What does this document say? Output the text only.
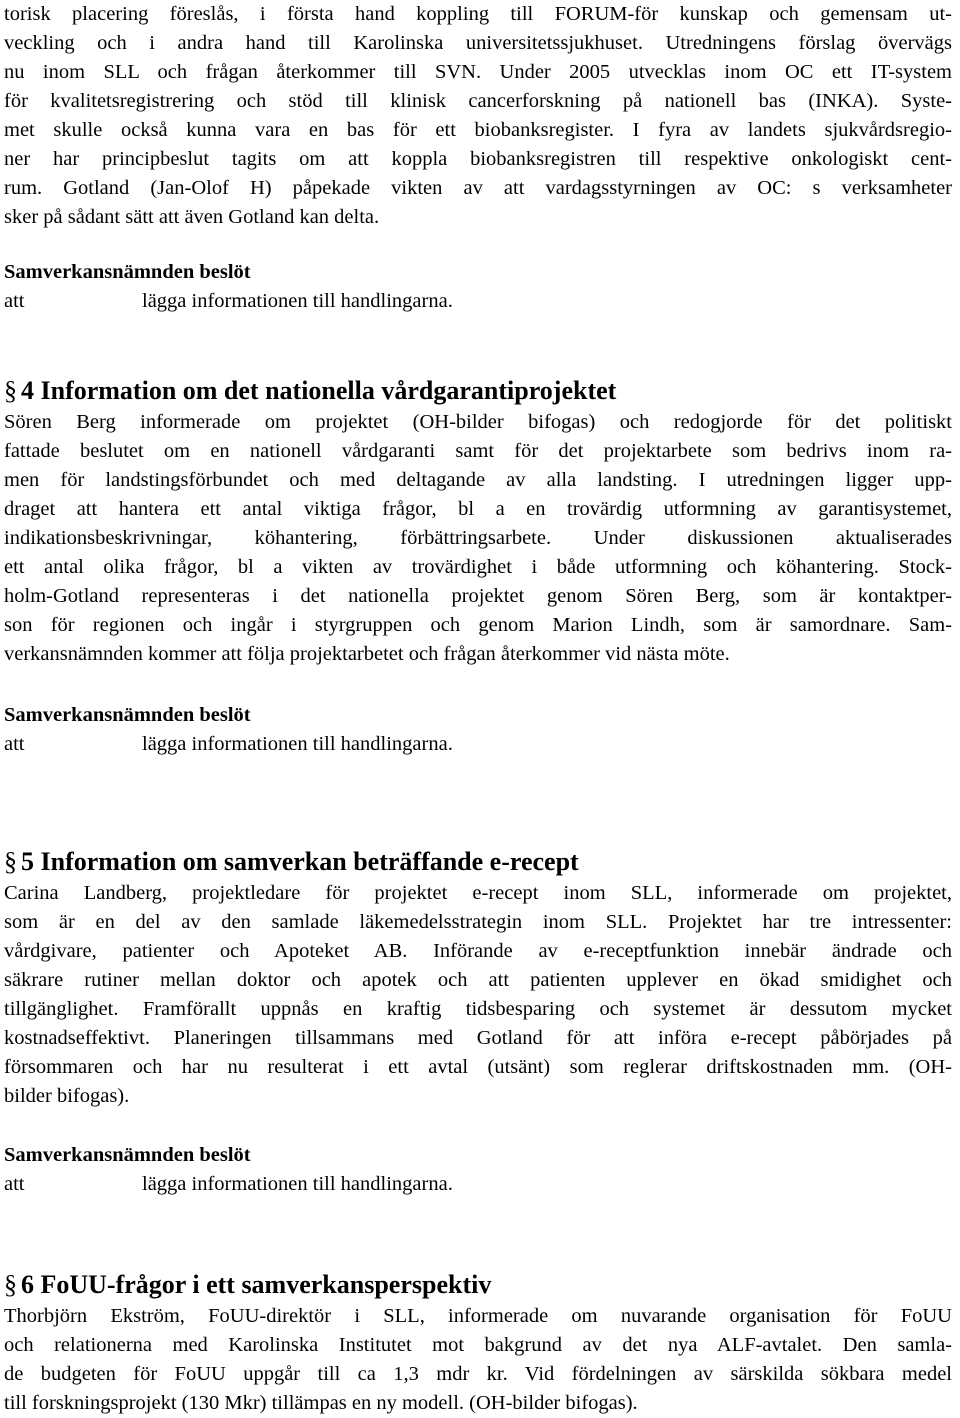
torisk placering föreslås, i första hand koppling till FORUM-för kunskap och gemensam ut-
veckling och i andra hand till Karolinska universitetssjukhuset. Utredningens förslag övervägs
nu inom SLL och frågan återkommer till SVN. Under 2005 utvecklas inom OC ett IT-system
för kvalitetsregistrering och stöd till klinisk cancerforskning på nationell bas (INKA). Syste-
met skulle också kunna vara en bas för ett biobanksregister. I fyra av landets sjukvårdsregio-
ner har principbeslut tagits om att koppla biobanksregistren till respektive onkologiskt cent-
rum. Gotland (Jan-Olof H) påpekade vikten av att vardagsstyrningen av OC: s verksamheter
sker på sådant sätt att även Gotland kan delta.
Samverkansnämnden beslöt
att	lägga informationen till handlingarna.
§ 4 Information om det nationella vårdgarantiprojektet
Sören Berg informerade om projektet (OH-bilder bifogas) och redogjorde för det politiskt
fattade beslutet om en nationell vårdgaranti samt för det projektarbete som bedrivs inom ra-
men för landstingsförbundet och med deltagande av alla landsting. I utredningen ligger upp-
draget att hantera ett antal viktiga frågor, bl a en trovärdig utformning av garantisystemet,
indikationsbeskrivningar, köhantering, förbättringsarbete. Under diskussionen aktualiserades
ett antal olika frågor, bl a vikten av trovärdighet i både utformning och köhantering. Stock-
holm-Gotland representeras i det nationella projektet genom Sören Berg, som är kontaktper-
son för regionen och ingår i styrgruppen och genom Marion Lindh, som är samordnare. Sam-
verkansnämnden kommer att följa projektarbetet och frågan återkommer vid nästa möte.
Samverkansnämnden beslöt
att	lägga informationen till handlingarna.
§ 5 Information om samverkan beträffande e-recept
Carina Landberg, projektledare för projektet e-recept inom SLL, informerade om projektet,
som är en del av den samlade läkemedelsstrategin inom SLL. Projektet har tre intressenter:
vårdgivare, patienter och Apoteket AB. Införande av e-receptfunktion innebär ändrade och
säkrare rutiner mellan doktor och apotek och att patienten upplever en ökad smidighet och
tillgänglighet. Framförallt uppnås en kraftig tidsbesparing och systemet är dessutom mycket
kostnadseffektivt. Planeringen tillsammans med Gotland för att införa e-recept påbörjades på
försommaren och har nu resulterat i ett avtal (utsänt) som reglerar driftskostnaden mm. (OH-
bilder bifogas).
Samverkansnämnden beslöt
att	lägga informationen till handlingarna.
§ 6 FoUU-frågor i ett samverkansperspektiv
Thorbjörn Ekström, FoUU-direktör i SLL, informerade om nuvarande organisation för FoUU
och relationerna med Karolinska Institutet mot bakgrund av det nya ALF-avtalet. Den samla-
de budgeten för FoUU uppgår till ca 1,3 mdr kr. Vid fördelningen av särskilda sökbara medel
till forskningsprojekt (130 Mkr) tillämpas en ny modell. (OH-bilder bifogas).
